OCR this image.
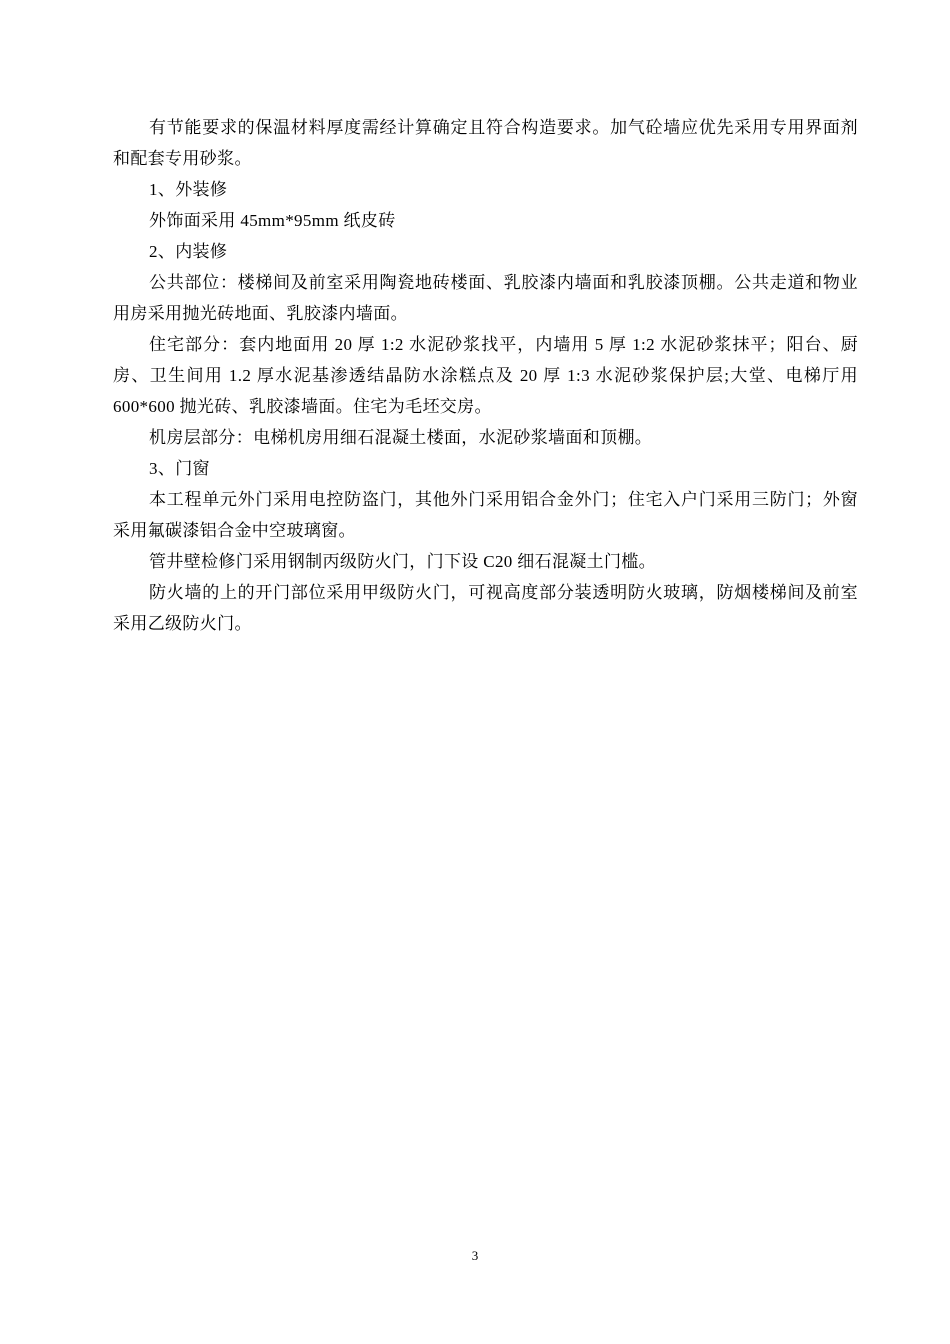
有节能要求的保温材料厚度需经计算确定且符合构造要求。加气砼墙应优先采用专用界面剂和配套专用砂浆。

1、外装修

外饰面采用 45mm*95mm 纸皮砖

2、内装修

公共部位：楼梯间及前室采用陶瓷地砖楼面、乳胶漆内墙面和乳胶漆顶棚。公共走道和物业用房采用抛光砖地面、乳胶漆内墙面。

住宅部分：套内地面用 20 厚 1:2 水泥砂浆找平，内墙用 5 厚 1:2 水泥砂浆抹平；阳台、厨房、卫生间用 1.2 厚水泥基渗透结晶防水涂糕点及 20 厚 1:3 水泥砂浆保护层;大堂、电梯厅用 600*600 抛光砖、乳胶漆墙面。住宅为毛坯交房。

机房层部分：电梯机房用细石混凝土楼面，水泥砂浆墙面和顶棚。

3、门窗

本工程单元外门采用电控防盗门，其他外门采用铝合金外门；住宅入户门采用三防门；外窗采用氟碳漆铝合金中空玻璃窗。

管井壁检修门采用钢制丙级防火门，门下设 C20 细石混凝土门槛。

防火墙的上的开门部位采用甲级防火门，可视高度部分装透明防火玻璃，防烟楼梯间及前室采用乙级防火门。

3
